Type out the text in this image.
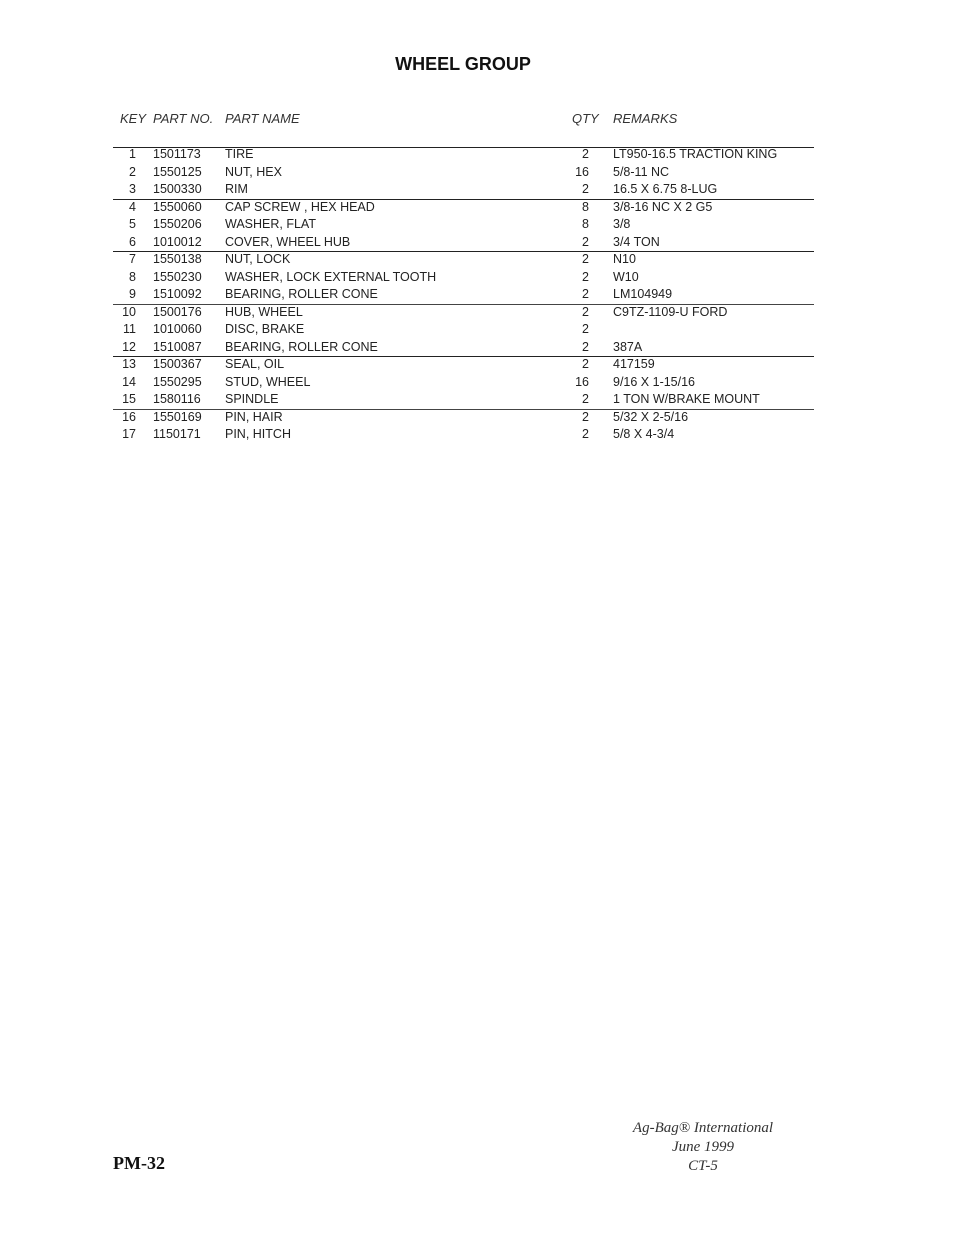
WHEEL GROUP
KEY PART NO. PART NAME	QTY REMARKS
1 1501173 TIRE	2 LT950-16.5 TRACTION KING
2 1550125 NUT, HEX	16 5/8-11 NC
3 1500330 RIM	2 16.5 X 6.75 8-LUG
4 1550060 CAP SCREW , HEX HEAD	8 3/8-16 NC X 2 G5
5 1550206 WASHER, FLAT	8 3/8
6 1010012 COVER, WHEEL HUB	2 3/4 TON
7 1550138 NUT, LOCK	2 N10
8 1550230 WASHER, LOCK EXTERNAL TOOTH	2 W10
9 1510092 BEARING, ROLLER CONE	2 LM104949
10 1500176 HUB, WHEEL	2 C9TZ-1109-U FORD
11 1010060 DISC, BRAKE	2
12 1510087 BEARING, ROLLER CONE	2 387A
13 1500367 SEAL, OIL	2 417159
14 1550295 STUD, WHEEL	16 9/16 X 1-15/16
15 1580116 SPINDLE	2 1 TON W/BRAKE MOUNT
16 1550169 PIN, HAIR	2 5/32 X 2-5/16
17 1150171 PIN, HITCH	2 5/8 X 4-3/4
PM-32
Ag-Bag® International
June 1999
CT-5
